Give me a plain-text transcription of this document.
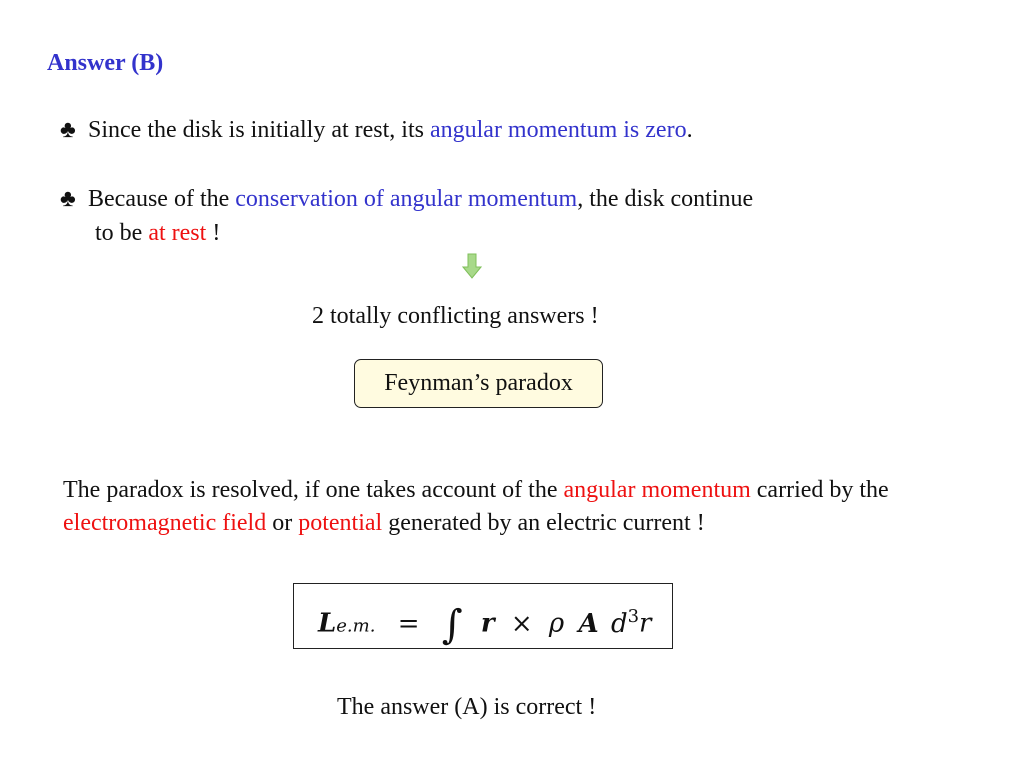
Answer (B)
♣ Since the disk is initially at rest, its angular momentum is zero.
♣ Because of the conservation of angular momentum, the disk continue
to be at rest !
2 totally conflicting answers !
Feynman’s paradox
The paradox is resolved, if one takes account of the angular momentum carried by the electromagnetic field or potential generated by an electric current !
Le.m. = ∫ r × ρ A $d^3r$
The answer (A) is correct !
